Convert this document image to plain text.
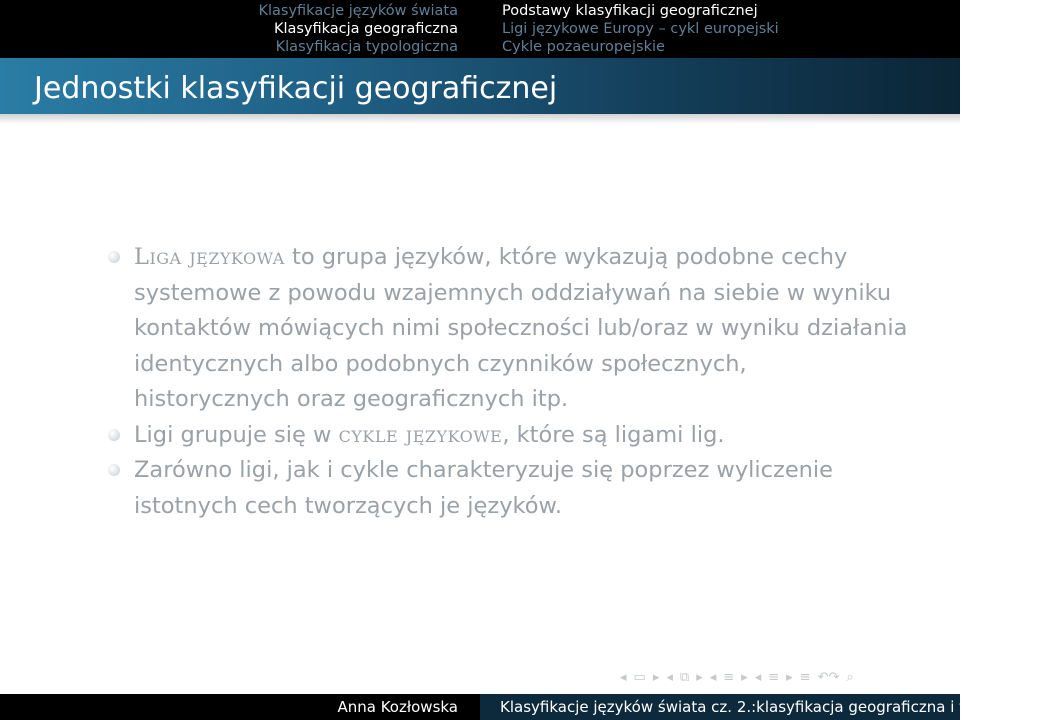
Klasyfikacje języków świata
Klasyfikacja geograficzna
Klasyfikacja typologiczna
Podstawy klasyfikacji geograficznej
Ligi językowe Europy – cykl europejski
Cykle pozaeuropejskie
Jednostki klasyfikacji geograficznej
Liga językowa to grupa języków, które wykazują podobne cechy systemowe z powodu wzajemnych oddziaływań na siebie w wyniku kontaktów mówiących nimi społeczności lub/oraz w wyniku działania identycznych albo podobnych czynników społecznych, historycznych oraz geograficznych itp.
Ligi grupuje się w cykle językowe, które są ligami lig.
Zarówno ligi, jak i cykle charakteryzuje się poprzez wyliczenie istotnych cech tworzących je języków.
◂ ▭ ▸ ◂ ⧉ ▸ ◂ ≡ ▸ ◂ ≡ ▸ ≡ ↶↷ ⌕
Anna Kozłowska	Klasyfikacje języków świata cz. 2.:klasyfikacja geograficzna i typologiczna
